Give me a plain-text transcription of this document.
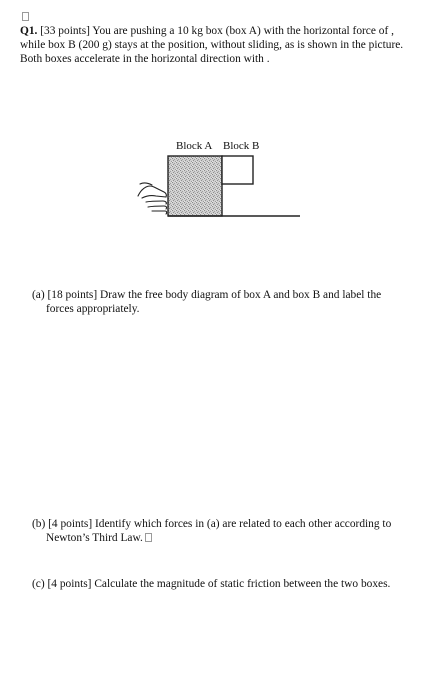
Q1. [33 points] You are pushing a 10 kg box (box A) with the horizontal force of , while box B (200 g) stays at the position, without sliding, as is shown in the picture. Both boxes accelerate in the horizontal direction with .
Block A Block B
(a) [18 points] Draw the free body diagram of box A and box B and label the forces appropriately.
(b) [4 points] Identify which forces in (a) are related to each other according to Newton’s Third Law.
(c) [4 points] Calculate the magnitude of static friction between the two boxes.
